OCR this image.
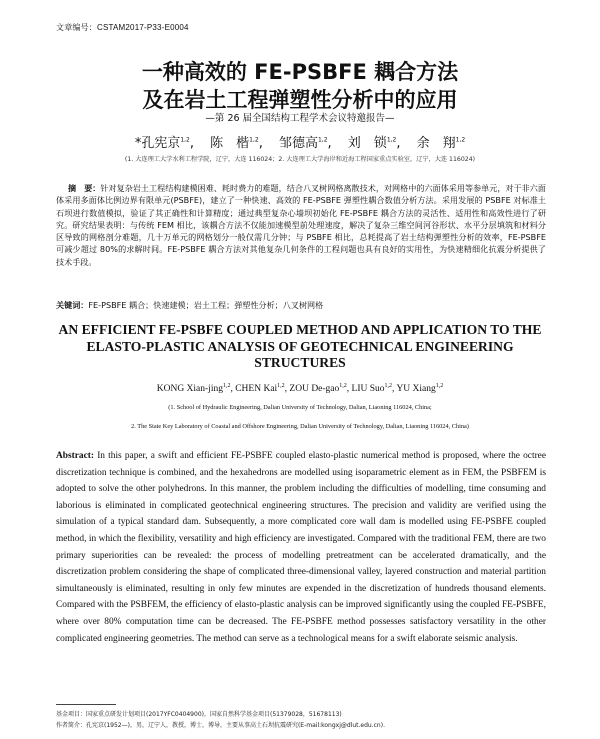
文章编号：CSTAM2017-P33-E0004
一种高效的 FE-PSBFE 耦合方法
及在岩土工程弹塑性分析中的应用
—第 26 届全国结构工程学术会议特邀报告—
*孔宪京$^{1,2}$, 陈　楷$^{1,2}$, 邹德高$^{1,2}$, 刘　锁$^{1,2}$, 余　翔$^{1,2}$
(1. 大连理工大学水利工程学院，辽宁，大连 116024；2. 大连理工大学海岸和近海工程国家重点实验室，辽宁，大连 116024)
摘　要：针对复杂岩土工程结构建模困难、耗时费力的难题，结合八叉树网格离散技术，对网格中的六面体采用等参单元，对于非六面体采用多面体比例边界有限单元(PSBFE)，建立了一种快速、高效的 FE-PSBFE 弹塑性耦合数值分析方法。采用发展的 PSBFE 对标准土石坝进行数值模拟，验证了其正确性和计算精度；通过典型复杂心墙坝初始化 FE-PSBFE 耦合方法的灵活性、适用性和高效性进行了研究。研究结果表明：与传统 FEM 相比，该耦合方法不仅能加速模型前处理速度，解决了复杂三维空间河谷形状、水平分层填筑和材料分区导致的网格剖分难题，几十万单元的网格划分一般仅需几分钟；与 PSBFE 相比，总耗提高了岩土结构弹塑性分析的效率，FE-PSBFE 可减少超过 80%的求解时间。FE-PSBFE 耦合方法对其他复杂几何条件的工程问题也具有良好的实用性，为快速精细化抗震分析提供了技术手段。
关键词：FE-PSBFE 耦合；快速建模；岩土工程；弹塑性分析；八叉树网格
AN EFFICIENT FE-PSBFE COUPLED METHOD AND APPLICATION TO THE ELASTO-PLASTIC ANALYSIS OF GEOTECHNICAL ENGINEERING STRUCTURES
KONG Xian-jing$^{1,2}$, CHEN Kai$^{1,2}$, ZOU De-gao$^{1,2}$, LIU Suo$^{1,2}$, YU Xiang$^{1,2}$
(1. School of Hydraulic Engineering, Dalian University of Technology, Dalian, Liaoning 116024, China;
2. The State Key Laboratory of Coastal and Offshore Engineering, Dalian University of Technology, Dalian, Liaoning 116024, China)
Abstract: In this paper, a swift and efficient FE-PSBFE coupled elasto-plastic numerical method is proposed, where the octree discretization technique is combined, and the hexahedrons are modelled using isoparametric element as in FEM, the PSBFEM is adopted to solve the other polyhedrons. In this manner, the problem including the difficulties of modelling, time consuming and laborious is eliminated in complicated geotechnical engineering structures. The precision and validity are verified using the simulation of a typical standard dam. Subsequently, a more complicated core wall dam is modelled using FE-PSBFE coupled method, in which the flexibility, versatility and high efficiency are investigated. Compared with the traditional FEM, there are two primary superiorities can be revealed: the process of modelling pretreatment can be accelerated dramatically, and the discretization problem considering the shape of complicated three-dimensional valley, layered construction and material partition simultaneously is eliminated, resulting in only few minutes are expended in the discretization of hundreds thousand elements. Compared with the PSBFEM, the efficiency of elasto-plastic analysis can be improved significantly using the coupled FE-PSBFE, where over 80% computation time can be decreased. The FE-PSBFE method possesses satisfactory versatility in the other complicated engineering geometries. The method can serve as a technological means for a swift elaborate seismic analysis.
基金项目：国家重点研发计划项目(2017YFC0404900)，国家自然科学基金项目(51379028，51678113)
作者简介：孔宪京(1952—)，男，辽宁人，教授，博士，博导，主要从事高土石坝抗震研究(E-mail:kongxj@dlut.edu.cn).
